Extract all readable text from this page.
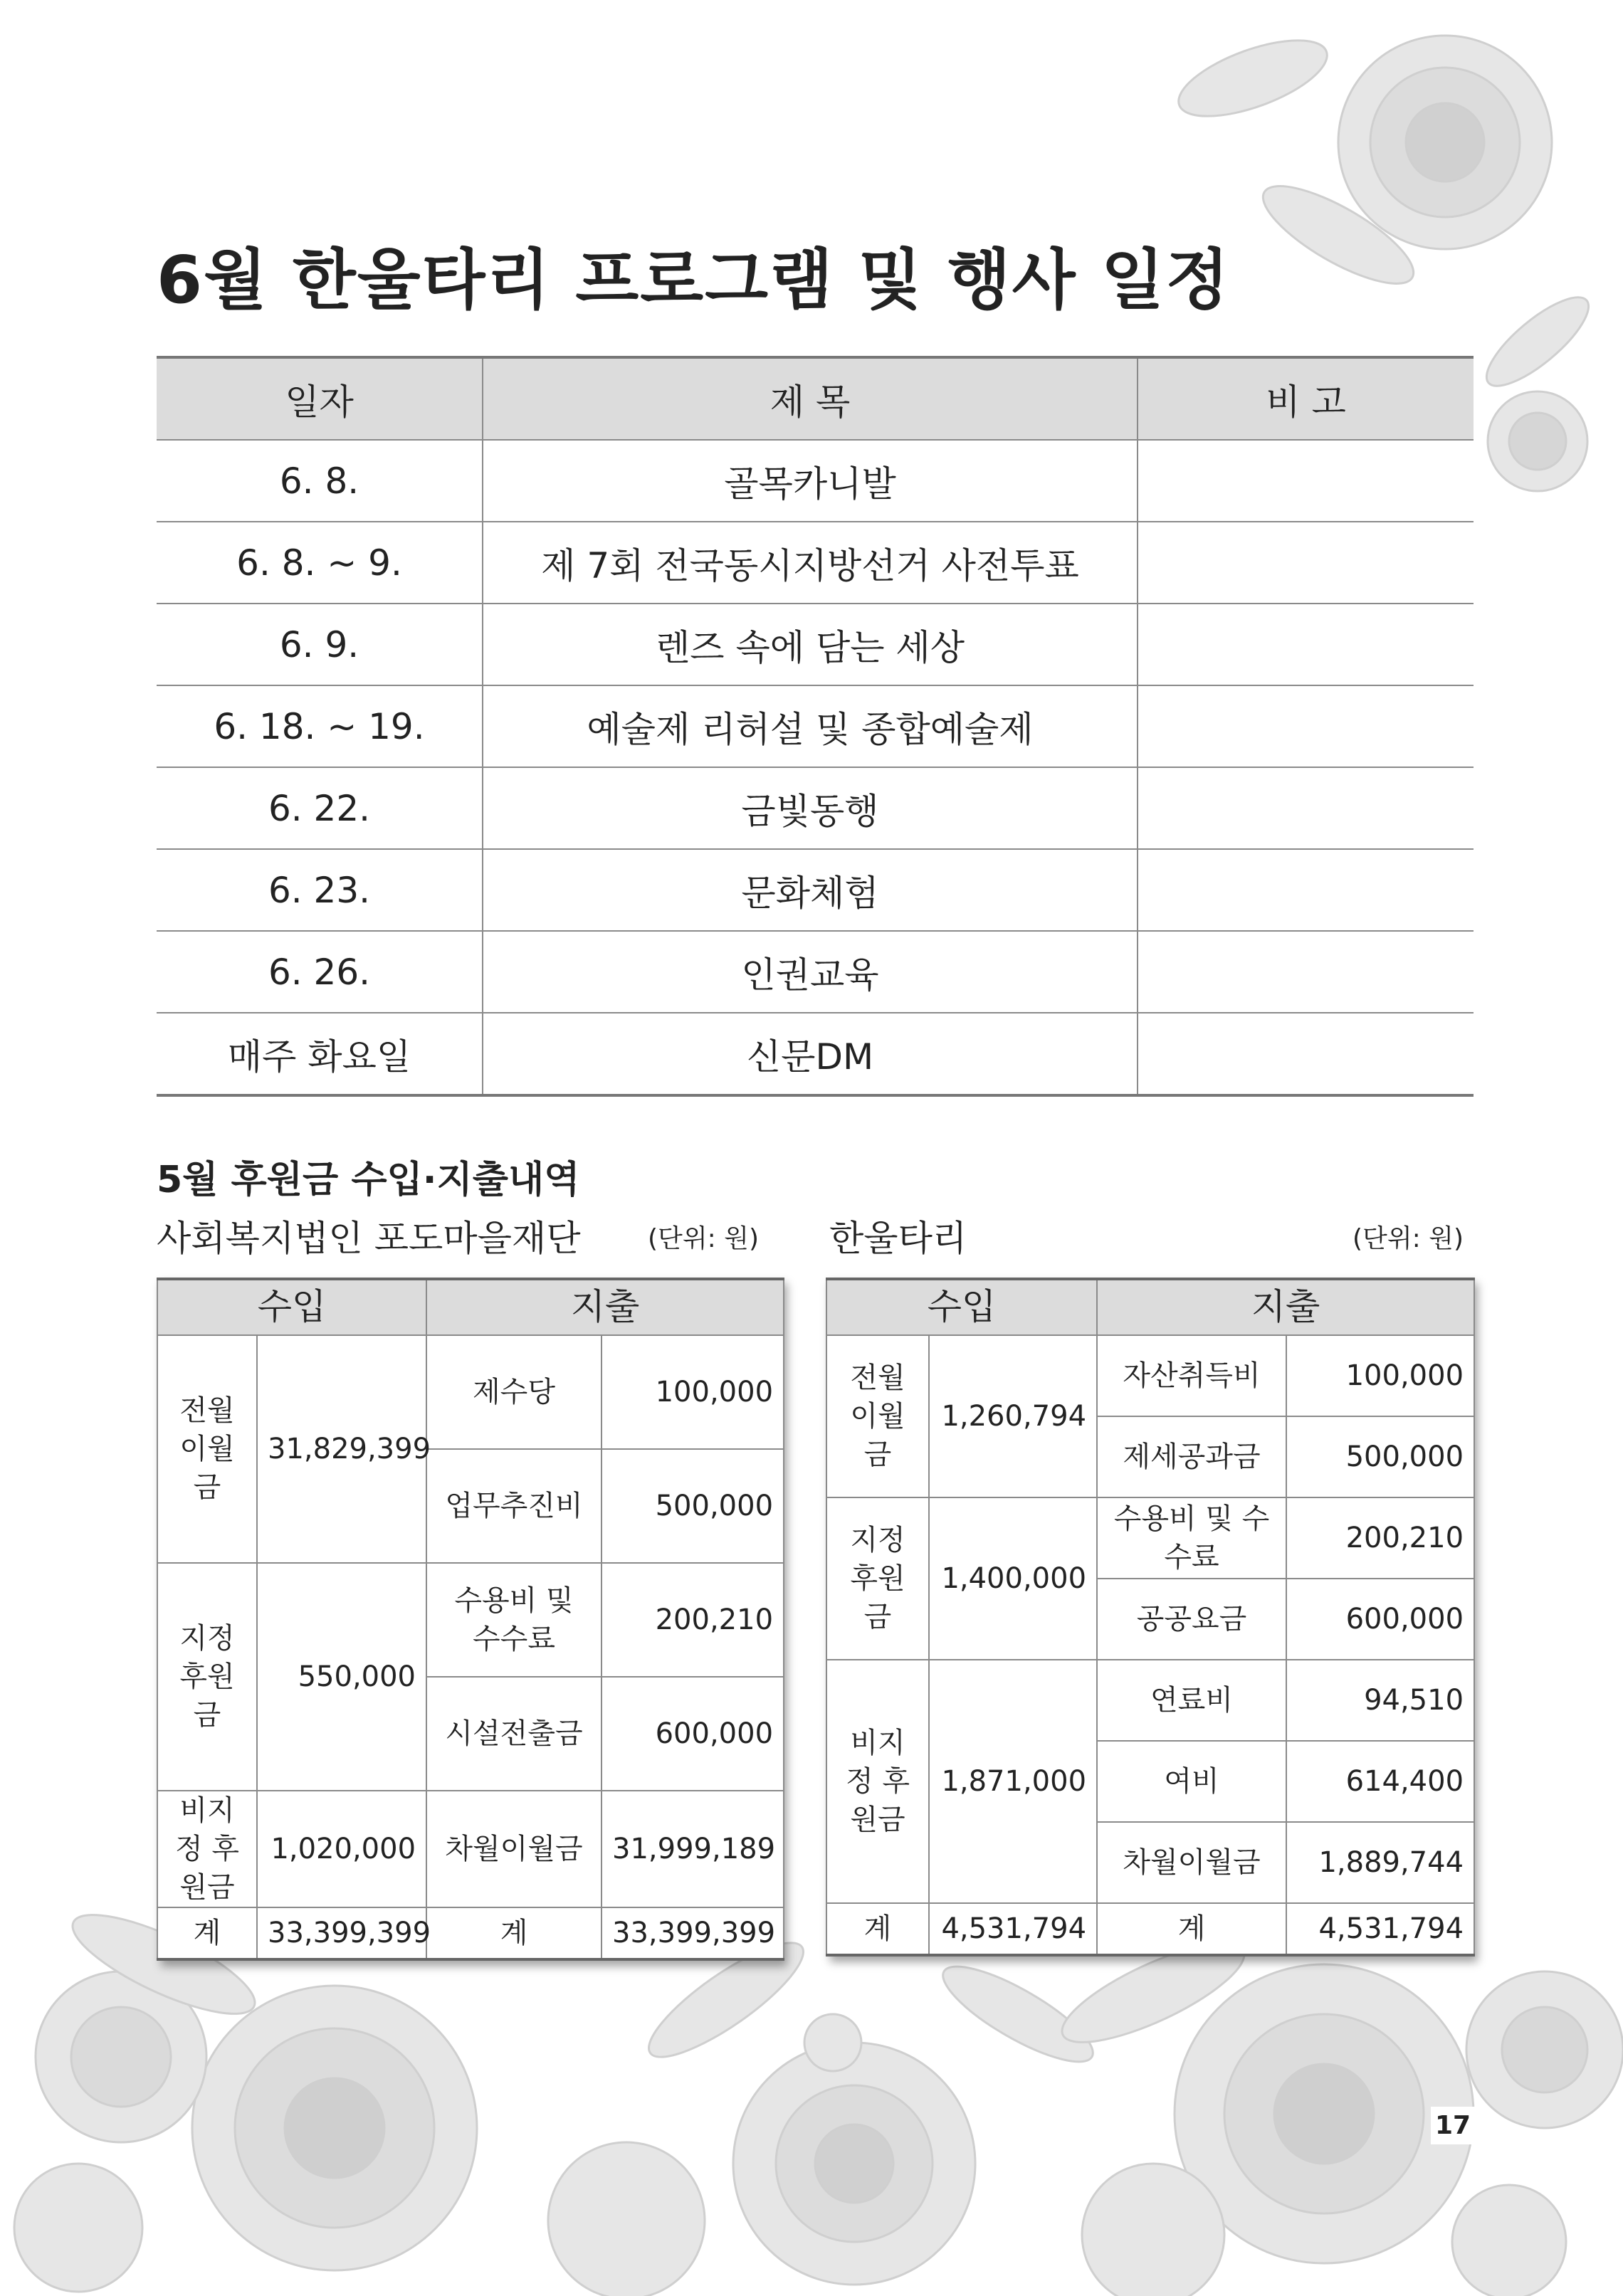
6월 한울타리 프로그램 및 행사 일정
일자	제 목	비 고
6. 8.	골목카니발	
6. 8. ~ 9.	제 7회 전국동시지방선거 사전투표	
6. 9.	렌즈 속에 담는 세상	
6. 18. ~ 19.	예술제 리허설 및 종합예술제	
6. 22.	금빛동행	
6. 23.	문화체험	
6. 26.	인권교육	
매주 화요일	신문DM	
5월 후원금 수입·지출내역
사회복지법인 포도마을재단	(단위: 원) 한울타리	(단위: 원)
수입		지출	
전월 이월금	31,829,399	제수당	100,000
		업무추진비	500,000
지정 후원금	550,000	수용비 및 수수료	200,210
		시설전출금	600,000
비지정 후원금	1,020,000	차월이월금	31,999,189
계	33,399,399	계	33,399,399
수입		지출	
전월 이월금	1,260,794	자산취득비	100,000
		제세공과금	500,000
지정 후원금	1,400,000	수용비 및 수수료	200,210
		공공요금	600,000
비지정 후원금	1,871,000	연료비	94,510
		여비	614,400
		차월이월금	1,889,744
계	4,531,794	계	4,531,794
17
